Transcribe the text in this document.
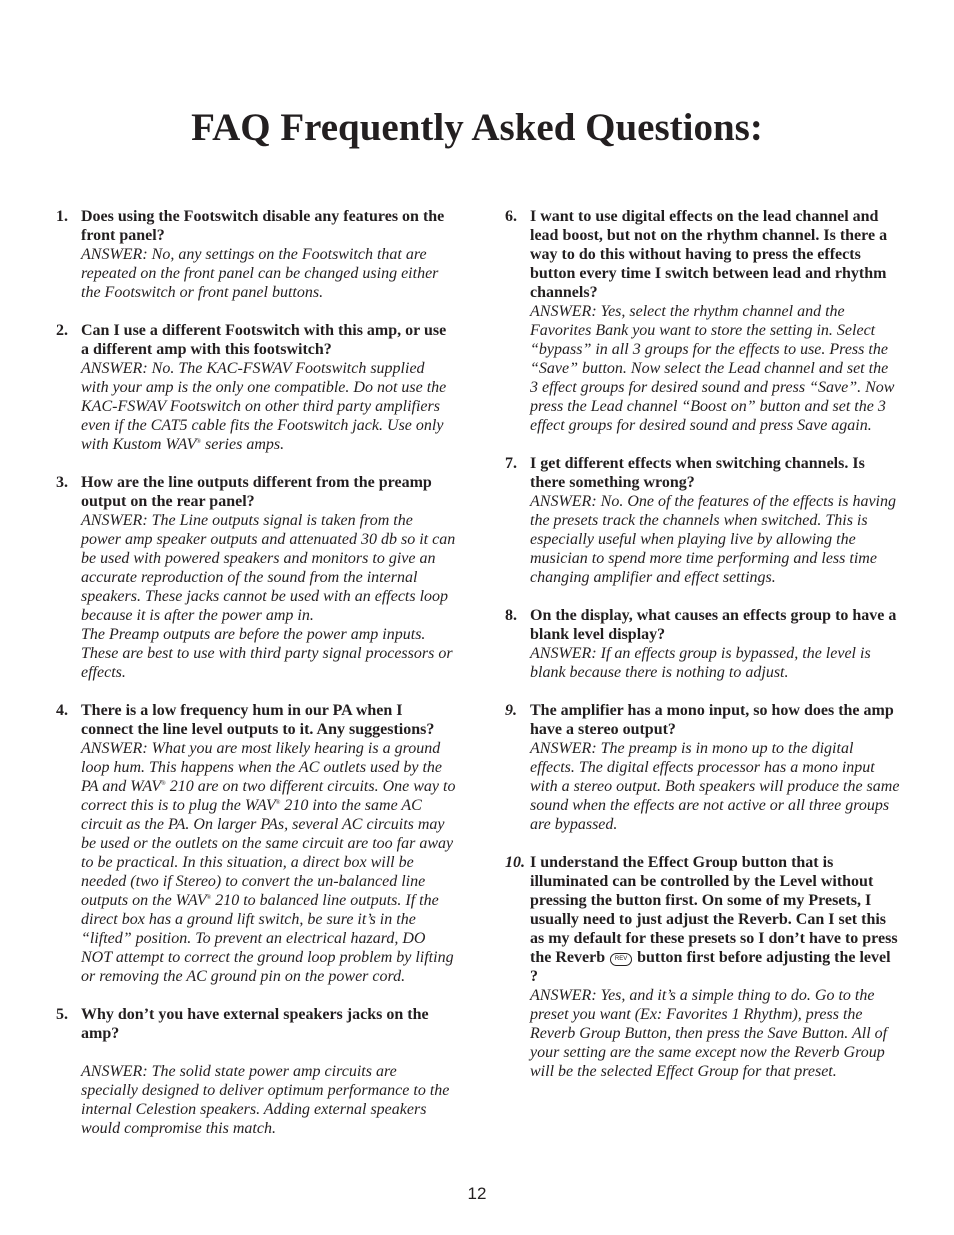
FAQ Frequently Asked Questions:
1. Does using the Footswitch disable any features on the front panel?
ANSWER: No, any settings on the Footswitch that are repeated on the front panel can be changed using either the Footswitch or front panel buttons.
2. Can I use a different Footswitch with this amp, or use a different amp with this footswitch?
ANSWER: No. The KAC-FSWAV Footswitch supplied with your amp is the only one compatible. Do not use the KAC-FSWAV Footswitch on other third party amplifiers even if the CAT5 cable fits the Footswitch jack. Use only with Kustom WAV® series amps.
3. How are the line outputs different from the preamp output on the rear panel?
ANSWER: The Line outputs signal is taken from the power amp speaker outputs and attenuated 30 db so it can be used with powered speakers and monitors to give an accurate reproduction of the sound from the internal speakers. These jacks cannot be used with an effects loop because it is after the power amp in.
The Preamp outputs are before the power amp inputs. These are best to use with third party signal processors or effects.
4. There is a low frequency hum in our PA when I connect the line level outputs to it. Any suggestions?
ANSWER: What you are most likely hearing is a ground loop hum. This happens when the AC outlets used by the PA and WAV® 210 are on two different circuits. One way to correct this is to plug the WAV® 210 into the same AC circuit as the PA. On larger PAs, several AC circuits may be used or the outlets on the same circuit are too far away to be practical. In this situation, a direct box will be needed (two if Stereo) to convert the un-balanced line outputs on the WAV® 210 to balanced line outputs. If the direct box has a ground lift switch, be sure it’s in the “lifted” position. To prevent an electrical hazard, DO NOT attempt to correct the ground loop problem by lifting or removing the AC ground pin on the power cord.
5. Why don’t you have external speakers jacks on the amp?
ANSWER: The solid state power amp circuits are specially designed to deliver optimum performance to the internal Celestion speakers. Adding external speakers would compromise this match.
6. I want to use digital effects on the lead channel and lead boost, but not on the rhythm channel. Is there a way to do this without having to press the effects button every time I switch between lead and rhythm channels?
ANSWER: Yes, select the rhythm channel and the Favorites Bank you want to store the setting in. Select “bypass” in all 3 groups for the effects to use. Press the “Save” button. Now select the Lead channel and set the 3 effect groups for desired sound and press “Save”. Now press the Lead channel “Boost on” button and set the 3 effect groups for desired sound and press Save again.
7. I get different effects when switching channels. Is there something wrong?
ANSWER: No. One of the features of the effects is having the presets track the channels when switched. This is especially useful when playing live by allowing the musician to spend more time performing and less time changing amplifier and effect settings.
8. On the display, what causes an effects group to have a blank level display?
ANSWER: If an effects group is bypassed, the level is blank because there is nothing to adjust.
9. The amplifier has a mono input, so how does the amp have a stereo output?
ANSWER: The preamp is in mono up to the digital effects. The digital effects processor has a mono input with a stereo output. Both speakers will produce the same sound when the effects are not active or all three groups are bypassed.
10. I understand the Effect Group button that is illuminated can be controlled by the Level without pressing the button first. On some of my Presets, I usually need to just adjust the Reverb. Can I set this as my default for these presets so I don’t have to press the Reverb REV button first before adjusting the level ?
ANSWER: Yes, and it’s a simple thing to do. Go to the preset you want (Ex: Favorites 1 Rhythm), press the Reverb Group Button, then press the Save Button. All of your setting are the same except now the Reverb Group will be the selected Effect Group for that preset.
12
